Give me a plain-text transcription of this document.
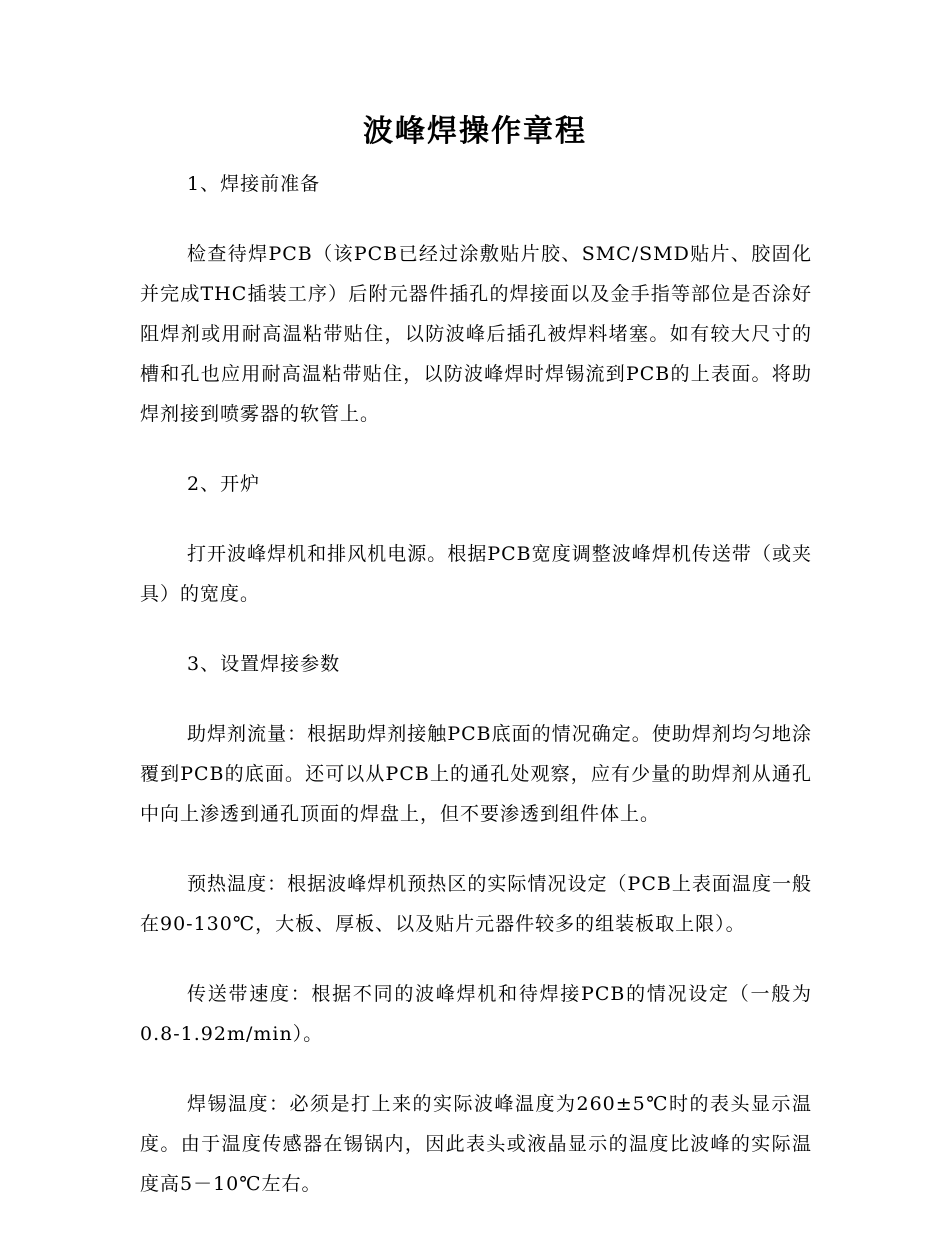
波峰焊操作章程

1、焊接前准备

检查待焊PCB（该PCB已经过涂敷贴片胶、SMC/SMD贴片、胶固化并完成THC插装工序）后附元器件插孔的焊接面以及金手指等部位是否涂好阻焊剂或用耐高温粘带贴住，以防波峰后插孔被焊料堵塞。如有较大尺寸的槽和孔也应用耐高温粘带贴住，以防波峰焊时焊锡流到PCB的上表面。将助焊剂接到喷雾器的软管上。

2、开炉

打开波峰焊机和排风机电源。根据PCB宽度调整波峰焊机传送带（或夹具）的宽度。

3、设置焊接参数

助焊剂流量：根据助焊剂接触PCB底面的情况确定。使助焊剂均匀地涂覆到PCB的底面。还可以从PCB上的通孔处观察，应有少量的助焊剂从通孔中向上渗透到通孔顶面的焊盘上，但不要渗透到组件体上。

预热温度：根据波峰焊机预热区的实际情况设定（PCB上表面温度一般在90-130℃，大板、厚板、以及贴片元器件较多的组装板取上限）。

传送带速度：根据不同的波峰焊机和待焊接PCB的情况设定（一般为0.8-1.92m/min）。

焊锡温度：必须是打上来的实际波峰温度为260±5℃时的表头显示温度。由于温度传感器在锡锅内，因此表头或液晶显示的温度比波峰的实际温度高5－10℃左右。
